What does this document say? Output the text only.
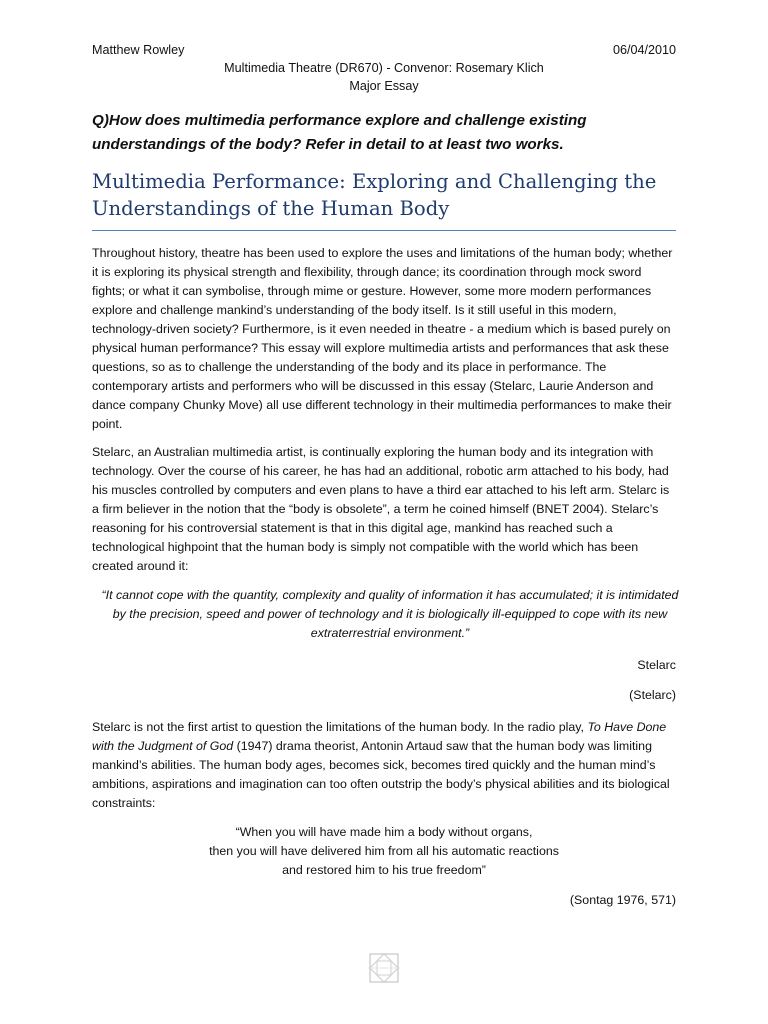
Matthew Rowley	06/04/2010
Multimedia Theatre (DR670) - Convenor: Rosemary Klich
Major Essay
Q)How does multimedia performance explore and challenge existing
understandings of the body? Refer in detail to at least two works.
Multimedia Performance: Exploring and Challenging the
Understandings of the Human Body

Throughout history, theatre has been used to explore the uses and limitations of the human body; whether it is exploring its physical strength and flexibility, through dance; its coordination through mock sword fights; or what it can symbolise, through mime or gesture. However, some more modern performances explore and challenge mankind’s understanding of the body itself. Is it still useful in this modern, technology-driven society? Furthermore, is it even needed in theatre - a medium which is based purely on physical human performance? This essay will explore multimedia artists and performances that ask these questions, so as to challenge the understanding of the body and its place in performance. The contemporary artists and performers who will be discussed in this essay (Stelarc, Laurie Anderson and dance company Chunky Move) all use different technology in their multimedia performances to make their point.

Stelarc, an Australian multimedia artist, is continually exploring the human body and its integration with technology. Over the course of his career, he has had an additional, robotic arm attached to his body, had his muscles controlled by computers and even plans to have a third ear attached to his left arm. Stelarc is a firm believer in the notion that the “body is obsolete”, a term he coined himself (BNET 2004). Stelarc’s reasoning for his controversial statement is that in this digital age, mankind has reached such a technological highpoint that the human body is simply not compatible with the world which has been created around it:

“It cannot cope with the quantity, complexity and quality of information it has accumulated; it is intimidated by the precision, speed and power of technology and it is biologically ill-equipped to cope with its new extraterrestrial environment.”
Stelarc
(Stelarc)

Stelarc is not the first artist to question the limitations of the human body. In the radio play, To Have Done with the Judgment of God (1947) drama theorist, Antonin Artaud saw that the human body was limiting mankind’s abilities. The human body ages, becomes sick, becomes tired quickly and the human mind’s ambitions, aspirations and imagination can too often outstrip the body’s physical abilities and its biological constraints:

“When you will have made him a body without organs,
then you will have delivered him from all his automatic reactions
and restored him to his true freedom”
(Sontag 1976, 571)
